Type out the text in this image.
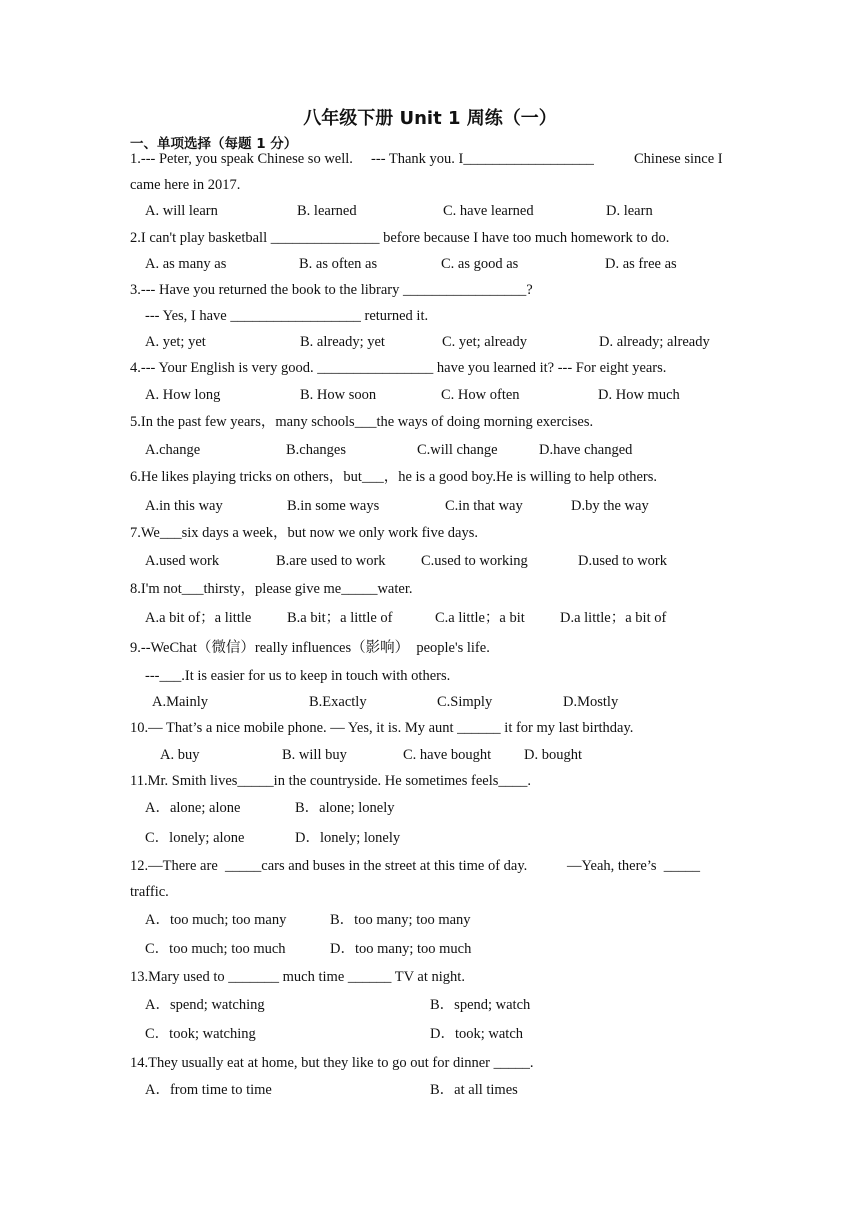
八年级下册 Unit 1 周练（一）
一、单项选择（每题 1 分）
1.--- Peter, you speak Chinese so well.     --- Thank you. I__________________	Chinese since I
came here in 2017.
A. will learn	B. learned	C. have learned	D. learn
2.I can't play basketball _______________ before because I have too much homework to do.
A. as many as	B. as often as	C. as good as	D. as free as
3.--- Have you returned the book to the library _________________?
--- Yes, I have __________________ returned it.
A. yet; yet	B. already; yet	C. yet; already	D. already; already
4.--- Your English is very good. ________________ have you learned it? --- For eight years.
A. How long	B. How soon	C. How often	D. How much
5.In the past few years，many schools___the ways of doing morning exercises.
A.change	B.changes	C.will change	D.have changed
6.He likes playing tricks on others，but___，he is a good boy.He is willing to help others.
A.in this way	B.in some ways	C.in that way	D.by the way
7.We___six days a week，but now we only work five days.
A.used work	B.are used to work C.used to working	D.used to work
8.I'm not___thirsty，please give me_____water.
A.a bit of；a little B.a bit；a little of	C.a little；a bit D.a little；a bit of
9.--WeChat（微信）really influences（影响）  people's life.
---___.It is easier for us to keep in touch with others.
A.Mainly	B.Exactly	C.Simply	D.Mostly
10.— That’s a nice mobile phone. — Yes, it is. My aunt ______ it for my last birthday.
A. buy	B. will buy	C. have bought D. bought
11.Mr. Smith lives_____in the countryside. He sometimes feels____.
A．alone; alone	B．alone; lonely
C．lonely; alone	D．lonely; lonely
12.—There are  _____cars and buses in the street at this time of day.	—Yeah, there’s  _____
traffic.
A．too much; too many	B．too many; too many
C．too much; too much	D．too many; too much
13.Mary used to _______ much time ______ TV at night.
A．spend; watching	B．spend; watch
C．took; watching	D．took; watch
14.They usually eat at home, but they like to go out for dinner _____.
A．from time to time	B．at all times
